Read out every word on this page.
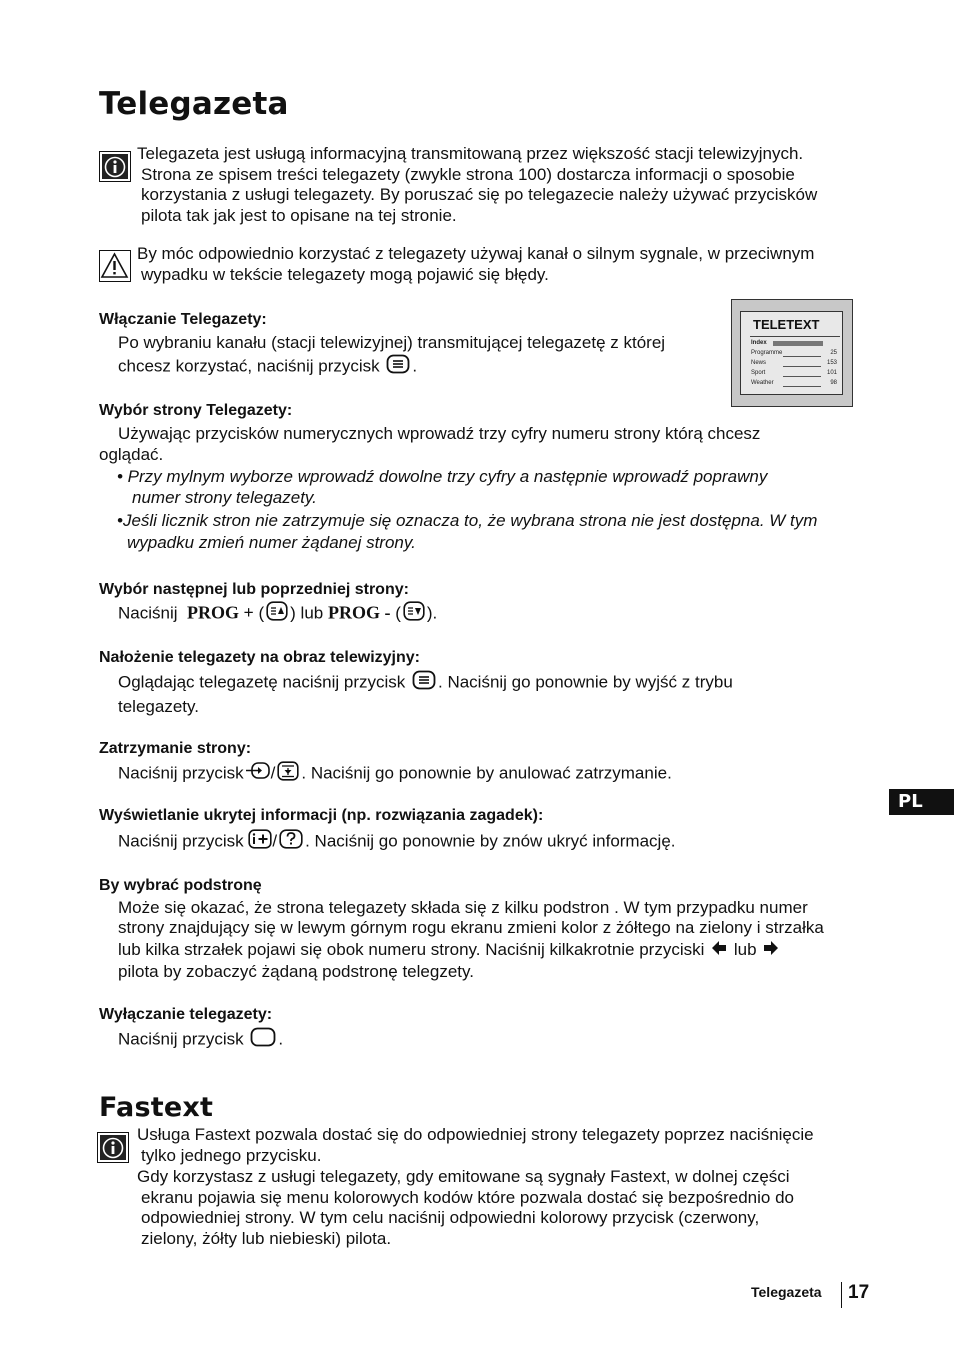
Telegazeta

Telegazeta jest usługą informacyjną transmitowaną przez większość stacji telewizyjnych.

Strona ze spisem treści telegazety (zwykle strona 100) dostarcza informacji o sposobie

korzystania z usługi telegazety. By poruszać się po telegazecie należy używać przycisków

pilota tak jak jest to opisane na tej stronie.

By móc odpowiednio korzystać z telegazety używaj kanał o silnym sygnale, w przeciwnym

wypadku w tekście telegazety mogą pojawić się błędy.

TELETEXT
Index
Programme	25
News	153
Sport	101
Weather	98
Włączanie Telegazety:

Po wybraniu kanału (stacji telewizyjnej) transmitującej telegazetę z której

chcesz korzystać, naciśnij przycisk .

Wybór strony Telegazety:

Używając przycisków numerycznych wprowadź trzy cyfry numeru strony którą chcesz

oglądać.

• Przy mylnym wyborze wprowadź dowolne trzy cyfry a następnie wprowadź poprawny

numer strony telegazety.

•Jeśli licznik stron nie zatrzymuje się oznacza to, że wybrana strona nie jest dostępna. W tym

wypadku zmień numer żądanej strony.

Wybór następnej lub poprzedniej strony:

Naciśnij PROG + ( ) lub PROG - ( ).

Nałożenie telegazety na obraz telewizyjny:

Oglądając telegazetę naciśnij przycisk . Naciśnij go ponownie by wyjść z trybu

telegazety.

Zatrzymanie strony:

Naciśnij przycisk / . Naciśnij go ponownie by anulować zatrzymanie.

Wyświetlanie ukrytej informacji (np. rozwiązania zagadek):

Naciśnij przycisk / . Naciśnij go ponownie by znów ukryć informację.

By wybrać podstronę

Może się okazać, że strona telegazety składa się z kilku podstron . W tym przypadku numer

strony znajdujący się w lewym górnym rogu ekranu zmieni kolor z żółtego na zielony i strzałka

lub kilka strzałek pojawi się obok numeru strony. Naciśnij kilkakrotnie przyciski lub

pilota by zobaczyć żądaną podstronę telegzety.

Wyłączanie telegazety:

Naciśnij przycisk .

Fastext

Usługa Fastext pozwala dostać się do odpowiedniej strony telegazety poprzez naciśnięcie

tylko jednego przycisku.

Gdy korzystasz z usługi telegazety, gdy emitowane są sygnały Fastext, w dolnej części

ekranu pojawia się menu kolorowych kodów które pozwala dostać się bezpośrednio do

odpowiedniej strony. W tym celu naciśnij odpowiedni kolorowy przycisk (czerwony,

zielony, żółty lub niebieski) pilota.

PL
Telegazeta 17
